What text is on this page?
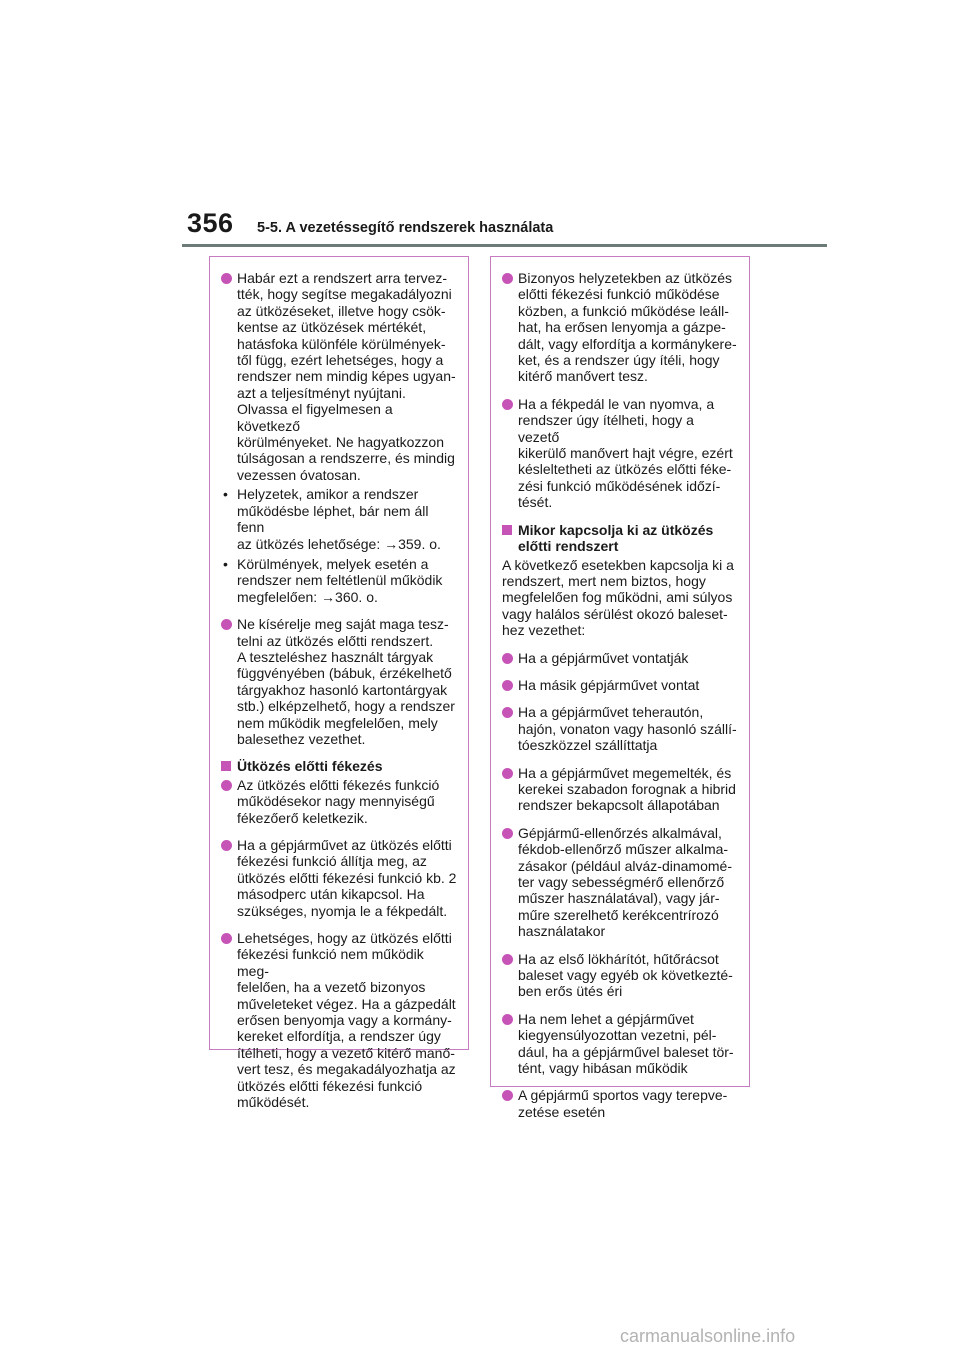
356 5-5. A vezetéssegítő rendszerek használata

Habár ezt a rendszert arra tervez-
tték, hogy segítse megakadályozni
az ütközéseket, illetve hogy csök-
kentse az ütközések mértékét,
hatásfoka különféle körülmények-
től függ, ezért lehetséges, hogy a
rendszer nem mindig képes ugyan-
azt a teljesítményt nyújtani.
Olvassa el figyelmesen a következő
körülményeket. Ne hagyatkozzon
túlságosan a rendszerre, és mindig
vezessen óvatosan.

• Helyzetek, amikor a rendszer
működésbe léphet, bár nem áll fenn
az ütközés lehetősége: →359. o.

• Körülmények, melyek esetén a
rendszer nem feltétlenül működik
megfelelően: →360. o.

Ne kísérelje meg saját maga tesz-
telni az ütközés előtti rendszert.
A teszteléshez használt tárgyak
függvényében (bábuk, érzékelhető
tárgyakhoz hasonló kartontárgyak
stb.) elképzelhető, hogy a rendszer
nem működik megfelelően, mely
balesethez vezethet.

Ütközés előtti fékezés

Az ütközés előtti fékezés funkció
működésekor nagy mennyiségű
fékezőerő keletkezik.

Ha a gépjárművet az ütközés előtti
fékezési funkció állítja meg, az
ütközés előtti fékezési funkció kb. 2
másodperc után kikapcsol. Ha
szükséges, nyomja le a fékpedált.

Lehetséges, hogy az ütközés előtti
fékezési funkció nem működik meg-
felelően, ha a vezető bizonyos
műveleteket végez. Ha a gázpedált
erősen benyomja vagy a kormány-
kereket elfordítja, a rendszer úgy
ítélheti, hogy a vezető kitérő manő-
vert tesz, és megakadályozhatja az
ütközés előtti fékezési funkció
működését.

Bizonyos helyzetekben az ütközés
előtti fékezési funkció működése
közben, a funkció működése leáll-
hat, ha erősen lenyomja a gázpe-
dált, vagy elfordítja a kormánykere-
ket, és a rendszer úgy ítéli, hogy
kitérő manővert tesz.

Ha a fékpedál le van nyomva, a
rendszer úgy ítélheti, hogy a vezető
kikerülő manővert hajt végre, ezért
késleltetheti az ütközés előtti féke-
zési funkció működésének időzí-
tését.

Mikor kapcsolja ki az ütközés
előtti rendszert

A következő esetekben kapcsolja ki a
rendszert, mert nem biztos, hogy
megfelelően fog működni, ami súlyos
vagy halálos sérülést okozó baleset-
hez vezethet:

Ha a gépjárművet vontatják

Ha másik gépjárművet vontat

Ha a gépjárművet teherautón,
hajón, vonaton vagy hasonló szállí-
tóeszközzel szállíttatja

Ha a gépjárművet megemelték, és
kerekei szabadon forognak a hibrid
rendszer bekapcsolt állapotában

Gépjármű-ellenőrzés alkalmával,
fékdob-ellenőrző műszer alkalma-
zásakor (például alváz-dinamomé-
ter vagy sebességmérő ellenőrző
műszer használatával), vagy jár-
műre szerelhető kerékcentrírozó
használatakor

Ha az első lökhárítót, hűtőrácsot
baleset vagy egyéb ok következté-
ben erős ütés éri

Ha nem lehet a gépjárművet
kiegyensúlyozottan vezetni, pél-
dául, ha a gépjárművel baleset tör-
tént, vagy hibásan működik

A gépjármű sportos vagy terepve-
zetése esetén

carmanualsonline.info
